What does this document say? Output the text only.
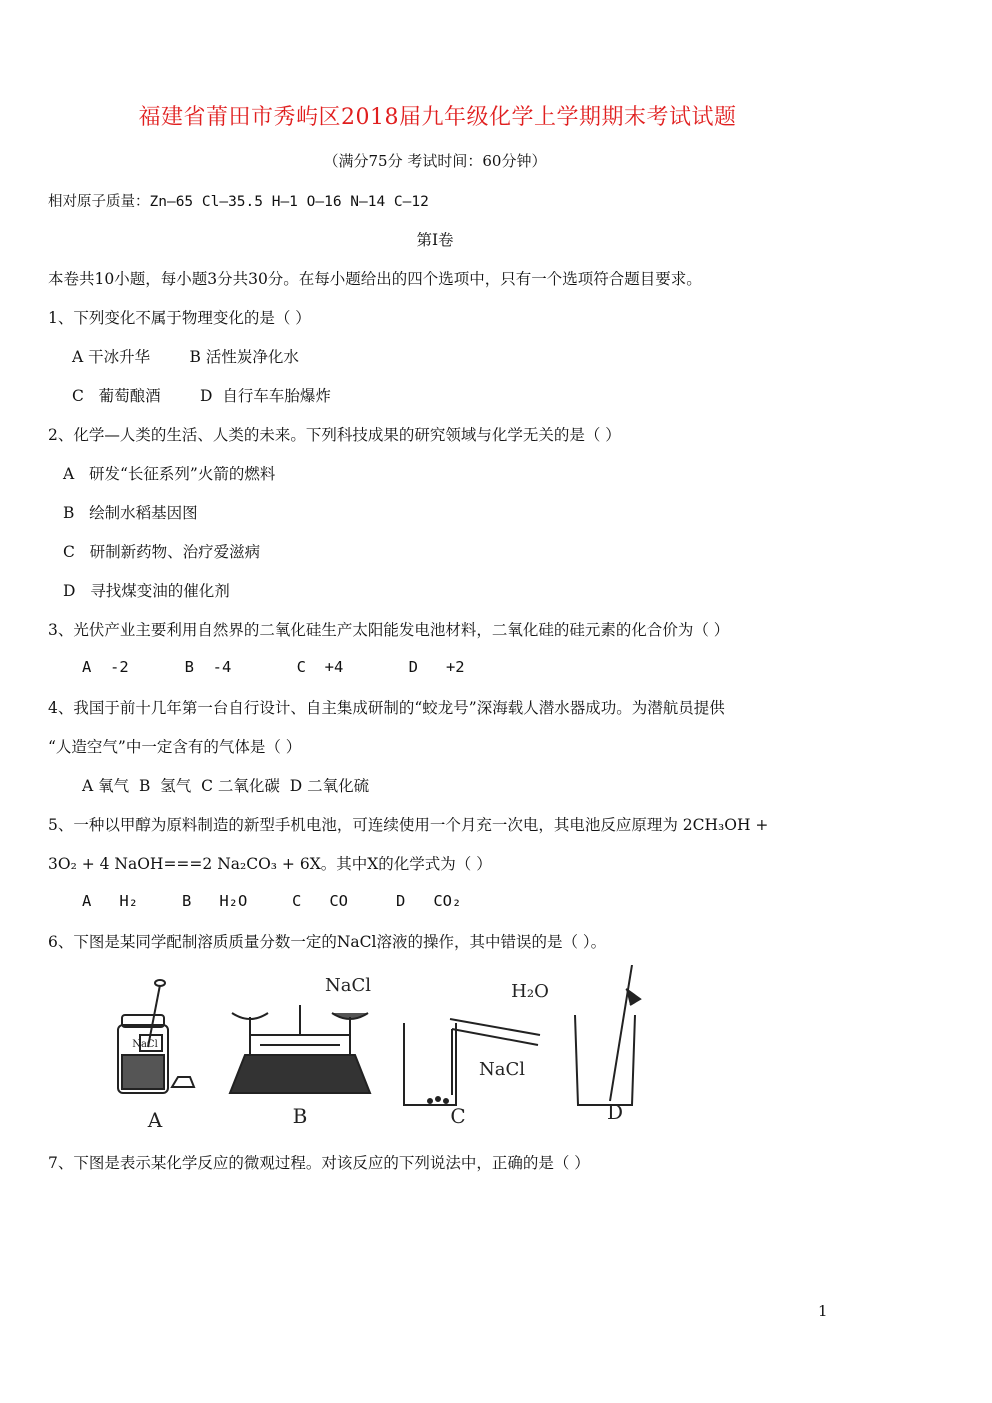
福建省莆田市秀屿区2018届九年级化学上学期期末考试试题
（满分75分 考试时间：60分钟）
相对原子质量：Zn—65 Cl—35.5 H—1 O—16 N—14 C—12
第Ⅰ卷
本卷共10小题，每小题3分共30分。在每小题给出的四个选项中，只有一个选项符合题目要求。
1、下列变化不属于物理变化的是（ ）
A 干冰升华        B 活性炭净化水
C   葡萄酿酒        D  自行车车胎爆炸
2、化学—人类的生活、人类的未来。下列科技成果的研究领域与化学无关的是（ ）
A   研发“长征系列”火箭的燃料
B   绘制水稻基因图
C   研制新药物、治疗爱滋病
D   寻找煤变油的催化剂
3、光伏产业主要利用自然界的二氧化硅生产太阳能发电池材料，二氧化硅的硅元素的化合价为（ ）
A  -2      B  -4       C  +4       D   +2
4、我国于前十几年第一台自行设计、自主集成研制的“蛟龙号”深海载人潜水器成功。为潜航员提供
“人造空气”中一定含有的气体是（ ）
A 氧气  B  氢气  C 二氧化碳  D 二氧化硫
5、一种以甲醇为原料制造的新型手机电池，可连续使用一个月充一次电，其电池反应原理为 2CH₃OH +
3O₂ + 4 NaOH===2 Na₂CO₃ + 6X。其中X的化学式为（ ）
A   H₂	B   H₂O	C   CO	D   CO₂
6、下图是某同学配制溶质质量分数一定的NaCl溶液的操作，其中错误的是（ ）。
NaCl
A
NaCl
B
H₂O
NaCl
C	D
7、下图是表示某化学反应的微观过程。对该反应的下列说法中，正确的是（ ）
1
